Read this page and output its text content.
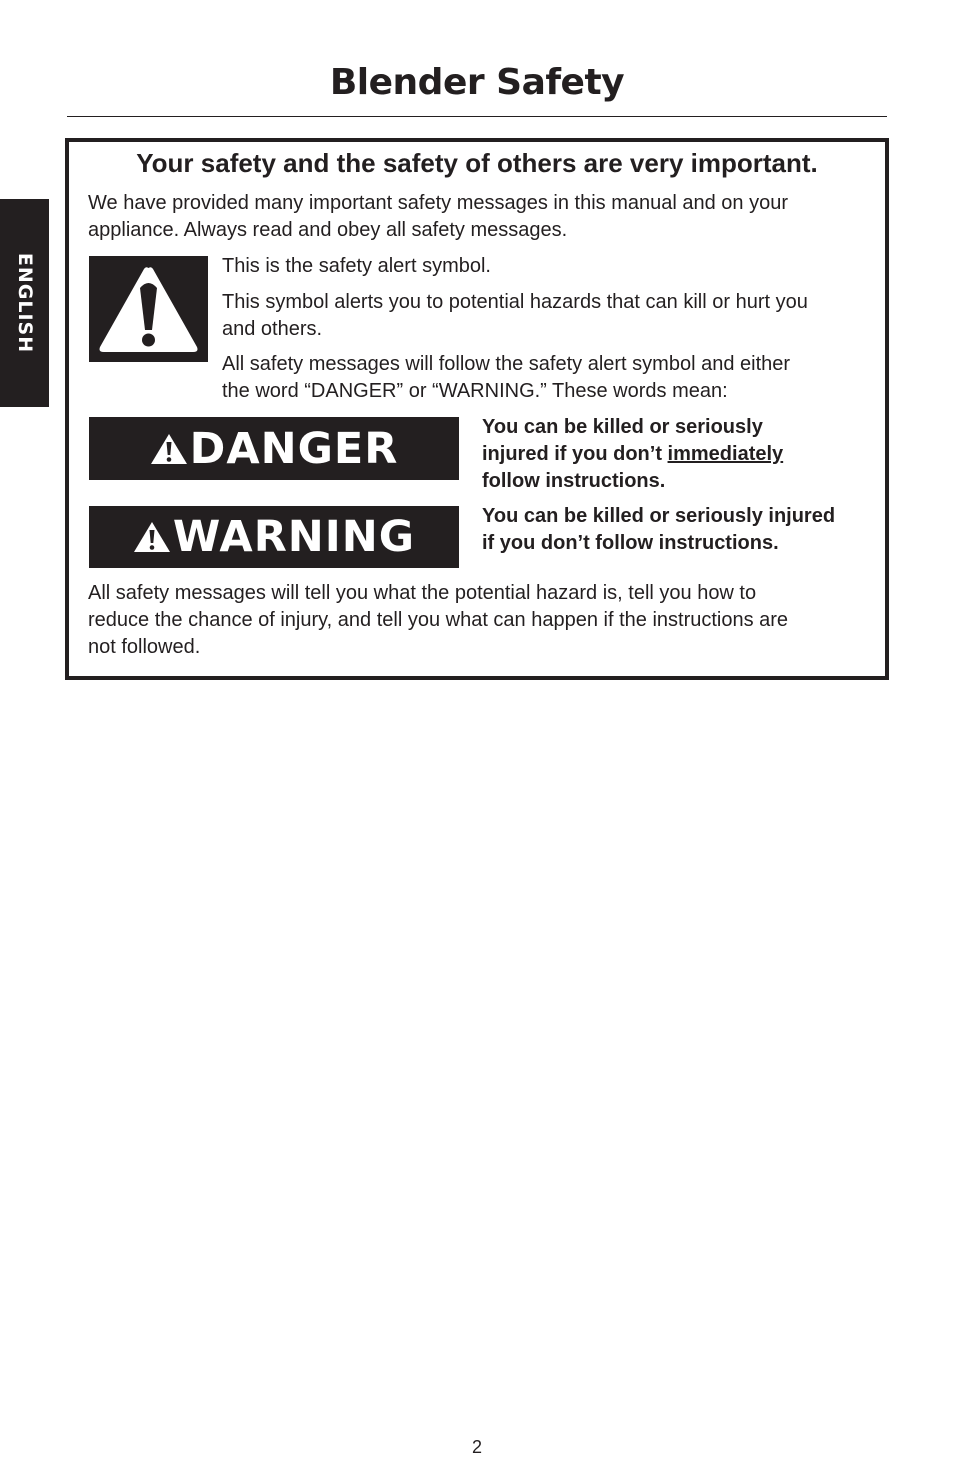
Blender Safety
ENGLISH
Your safety and the safety of others are very important.
We have provided many important safety messages in this manual and on your
appliance. Always read and obey all safety messages.
This is the safety alert symbol.
This symbol alerts you to potential hazards that can kill or hurt you
and others.
All safety messages will follow the safety alert symbol and either
the word “DANGER” or “WARNING.” These words mean:
DANGER	You can be killed or seriously
injured if you don’t immediately
follow instructions.
WARNING	You can be killed or seriously injured
if you don’t follow instructions.
All safety messages will tell you what the potential hazard is, tell you how to
reduce the chance of injury, and tell you what can happen if the instructions are
not followed.
2
